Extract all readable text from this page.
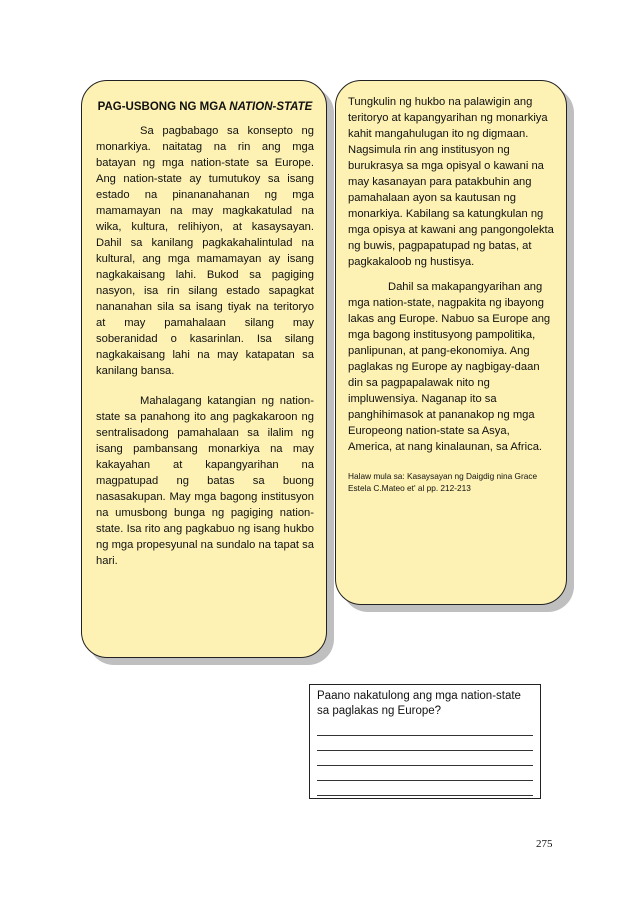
PAG-USBONG NG MGA NATION-STATE

Sa pagbabago sa konsepto ng monarkiya. naitatag na rin ang mga batayan ng mga nation-state sa Europe. Ang nation-state ay tumutukoy sa isang estado na pinananahanan ng mga mamamayan na may magkakatulad na wika, kultura, relihiyon, at kasaysayan. Dahil sa kanilang pagkakahalintulad na kultural, ang mga mamamayan ay isang nagkakaisang lahi. Bukod sa pagiging nasyon, isa rin silang estado sapagkat nananahan sila sa isang tiyak na teritoryo at may pamahalaan silang may soberanidad o kasarinlan. Isa silang nagkakaisang lahi na may katapatan sa kanilang bansa.

Mahalagang katangian ng nation-state sa panahong ito ang pagkakaroon ng sentralisadong pamahalaan sa ilalim ng isang pambansang monarkiya na may kakayahan at kapangyarihan na magpatupad ng batas sa buong nasasakupan. May mga bagong institusyon na umusbong bunga ng pagiging nation-state. Isa rito ang pagkabuo ng isang hukbo ng mga propesyunal na sundalo na tapat sa hari.

Tungkulin ng hukbo na palawigin ang teritoryo at kapangyarihan ng monarkiya kahit mangahulugan ito ng digmaan. Nagsimula rin ang institusyon ng burukrasya sa mga opisyal o kawani na may kasanayan para patakbuhin ang pamahalaan ayon sa kautusan ng monarkiya. Kabilang sa katungkulan ng mga opisya at kawani ang pangongolekta ng buwis, pagpapatupad ng batas, at pagkakaloob ng hustisya.

Dahil sa makapangyarihan ang mga nation-state, nagpakita ng ibayong lakas ang Europe. Nabuo sa Europe ang mga bagong institusyong pampolitika, panlipunan, at pang-ekonomiya. Ang paglakas ng Europe ay nagbigay-daan din sa pagpapalawak nito ng impluwensiya. Naganap ito sa panghihimasok at pananakop ng mga Europeong nation-state sa Asya, America, at nang kinalaunan, sa Africa.

Halaw mula sa: Kasaysayan ng Daigdig nina Grace Estela C.Mateo et' al pp. 212-213

Paano nakatulong ang mga nation-state sa paglakas ng Europe?

275
